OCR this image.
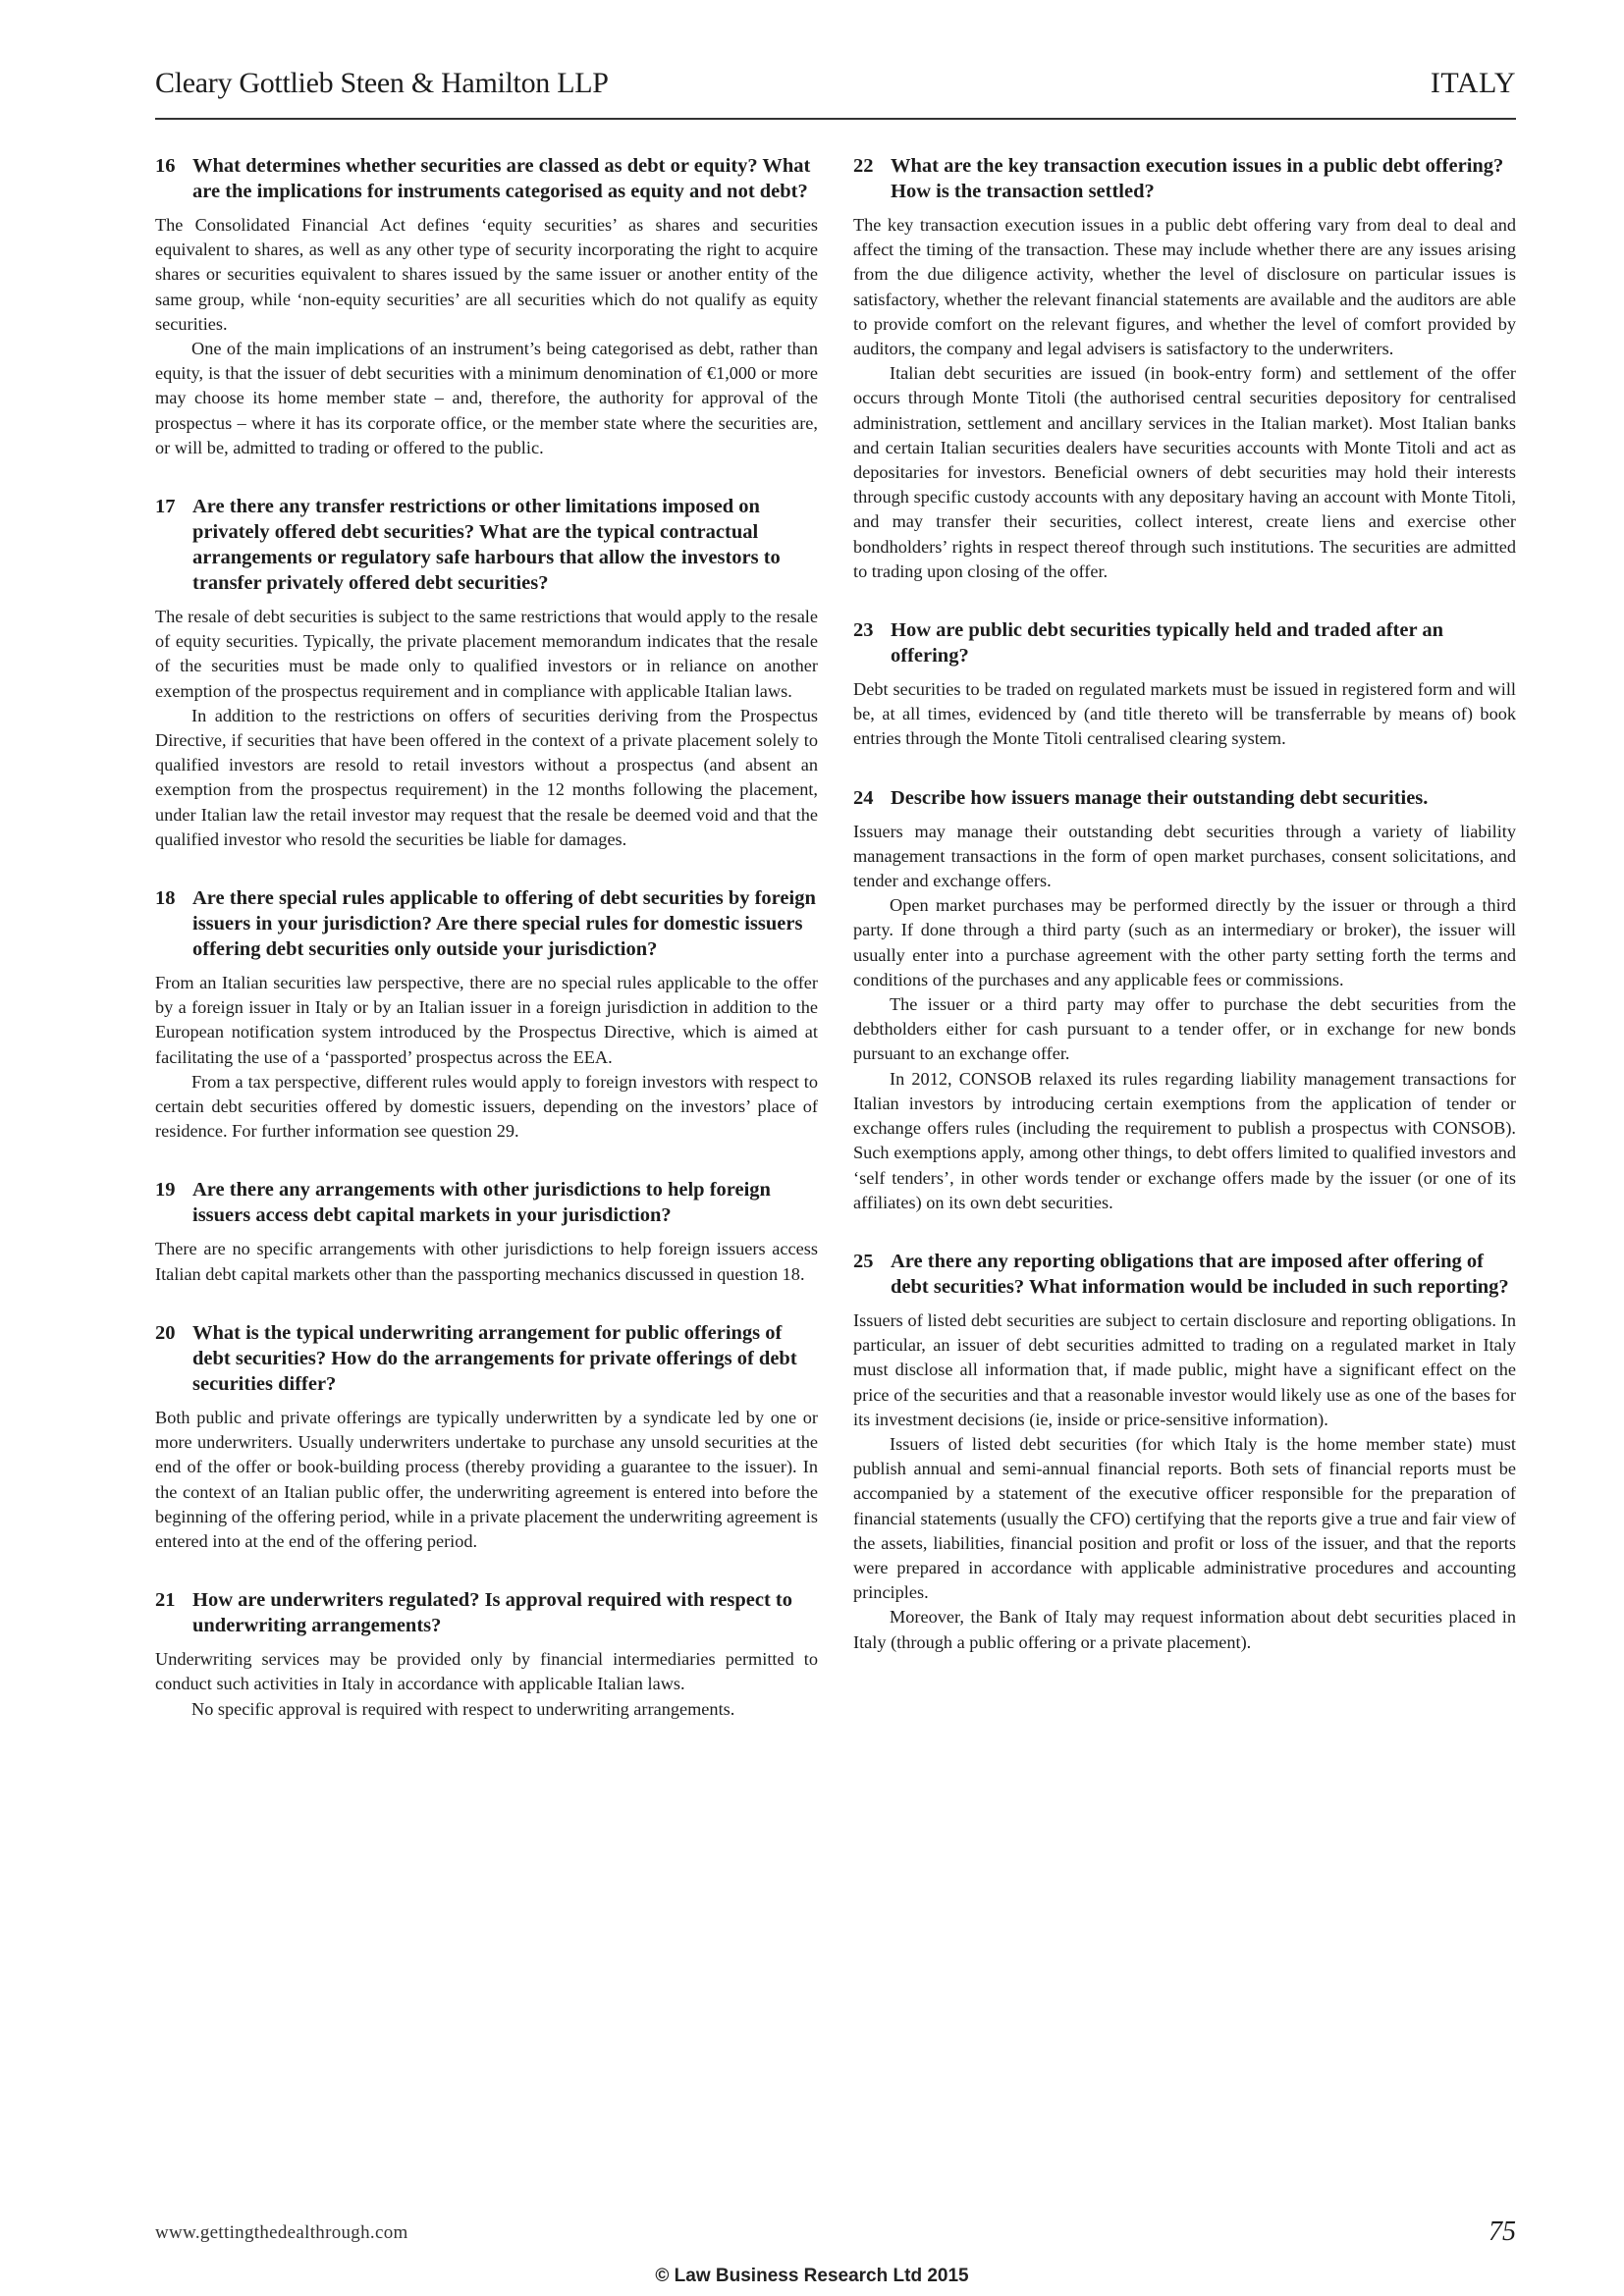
Cleary Gottlieb Steen & Hamilton LLP	ITALY
16 What determines whether securities are classed as debt or equity? What are the implications for instruments categorised as equity and not debt?

The Consolidated Financial Act defines ‘equity securities’ as shares and securities equivalent to shares, as well as any other type of security incorporating the right to acquire shares or securities equivalent to shares issued by the same issuer or another entity of the same group, while ‘non-equity securities’ are all securities which do not qualify as equity securities.

One of the main implications of an instrument’s being categorised as debt, rather than equity, is that the issuer of debt securities with a minimum denomination of €1,000 or more may choose its home member state – and, therefore, the authority for approval of the prospectus – where it has its corporate office, or the member state where the securities are, or will be, admitted to trading or offered to the public.

17 Are there any transfer restrictions or other limitations imposed on privately offered debt securities? What are the typical contractual arrangements or regulatory safe harbours that allow the investors to transfer privately offered debt securities?

The resale of debt securities is subject to the same restrictions that would apply to the resale of equity securities. Typically, the private placement memorandum indicates that the resale of the securities must be made only to qualified investors or in reliance on another exemption of the prospectus requirement and in compliance with applicable Italian laws.

In addition to the restrictions on offers of securities deriving from the Prospectus Directive, if securities that have been offered in the context of a private placement solely to qualified investors are resold to retail investors without a prospectus (and absent an exemption from the prospectus requirement) in the 12 months following the placement, under Italian law the retail investor may request that the resale be deemed void and that the qualified investor who resold the securities be liable for damages.

18 Are there special rules applicable to offering of debt securities by foreign issuers in your jurisdiction? Are there special rules for domestic issuers offering debt securities only outside your jurisdiction?

From an Italian securities law perspective, there are no special rules applicable to the offer by a foreign issuer in Italy or by an Italian issuer in a foreign jurisdiction in addition to the European notification system introduced by the Prospectus Directive, which is aimed at facilitating the use of a ‘passported’ prospectus across the EEA.

From a tax perspective, different rules would apply to foreign investors with respect to certain debt securities offered by domestic issuers, depending on the investors’ place of residence. For further information see question 29.

19 Are there any arrangements with other jurisdictions to help foreign issuers access debt capital markets in your jurisdiction?

There are no specific arrangements with other jurisdictions to help foreign issuers access Italian debt capital markets other than the passporting mechanics discussed in question 18.

20 What is the typical underwriting arrangement for public offerings of debt securities? How do the arrangements for private offerings of debt securities differ?

Both public and private offerings are typically underwritten by a syndicate led by one or more underwriters. Usually underwriters undertake to purchase any unsold securities at the end of the offer or book-building process (thereby providing a guarantee to the issuer). In the context of an Italian public offer, the underwriting agreement is entered into before the beginning of the offering period, while in a private placement the underwriting agreement is entered into at the end of the offering period.

21 How are underwriters regulated? Is approval required with respect to underwriting arrangements?

Underwriting services may be provided only by financial intermediaries permitted to conduct such activities in Italy in accordance with applicable Italian laws.

No specific approval is required with respect to underwriting arrangements.

22 What are the key transaction execution issues in a public debt offering? How is the transaction settled?

The key transaction execution issues in a public debt offering vary from deal to deal and affect the timing of the transaction. These may include whether there are any issues arising from the due diligence activity, whether the level of disclosure on particular issues is satisfactory, whether the relevant financial statements are available and the auditors are able to provide comfort on the relevant figures, and whether the level of comfort provided by auditors, the company and legal advisers is satisfactory to the underwriters.

Italian debt securities are issued (in book-entry form) and settlement of the offer occurs through Monte Titoli (the authorised central securities depository for centralised administration, settlement and ancillary services in the Italian market). Most Italian banks and certain Italian securities dealers have securities accounts with Monte Titoli and act as depositaries for investors. Beneficial owners of debt securities may hold their interests through specific custody accounts with any depositary having an account with Monte Titoli, and may transfer their securities, collect interest, create liens and exercise other bondholders’ rights in respect thereof through such institutions. The securities are admitted to trading upon closing of the offer.

23 How are public debt securities typically held and traded after an offering?

Debt securities to be traded on regulated markets must be issued in registered form and will be, at all times, evidenced by (and title thereto will be transferrable by means of) book entries through the Monte Titoli centralised clearing system.

24 Describe how issuers manage their outstanding debt securities.

Issuers may manage their outstanding debt securities through a variety of liability management transactions in the form of open market purchases, consent solicitations, and tender and exchange offers.

Open market purchases may be performed directly by the issuer or through a third party. If done through a third party (such as an intermediary or broker), the issuer will usually enter into a purchase agreement with the other party setting forth the terms and conditions of the purchases and any applicable fees or commissions.

The issuer or a third party may offer to purchase the debt securities from the debtholders either for cash pursuant to a tender offer, or in exchange for new bonds pursuant to an exchange offer.

In 2012, CONSOB relaxed its rules regarding liability management transactions for Italian investors by introducing certain exemptions from the application of tender or exchange offers rules (including the requirement to publish a prospectus with CONSOB). Such exemptions apply, among other things, to debt offers limited to qualified investors and ‘self tenders’, in other words tender or exchange offers made by the issuer (or one of its affiliates) on its own debt securities.

25 Are there any reporting obligations that are imposed after offering of debt securities? What information would be included in such reporting?

Issuers of listed debt securities are subject to certain disclosure and reporting obligations. In particular, an issuer of debt securities admitted to trading on a regulated market in Italy must disclose all information that, if made public, might have a significant effect on the price of the securities and that a reasonable investor would likely use as one of the bases for its investment decisions (ie, inside or price-sensitive information).

Issuers of listed debt securities (for which Italy is the home member state) must publish annual and semi-annual financial reports. Both sets of financial reports must be accompanied by a statement of the executive officer responsible for the preparation of financial statements (usually the CFO) certifying that the reports give a true and fair view of the assets, liabilities, financial position and profit or loss of the issuer, and that the reports were prepared in accordance with applicable administrative procedures and accounting principles.

Moreover, the Bank of Italy may request information about debt securities placed in Italy (through a public offering or a private placement).

www.gettingthedealthrough.com	75
© Law Business Research Ltd 2015
